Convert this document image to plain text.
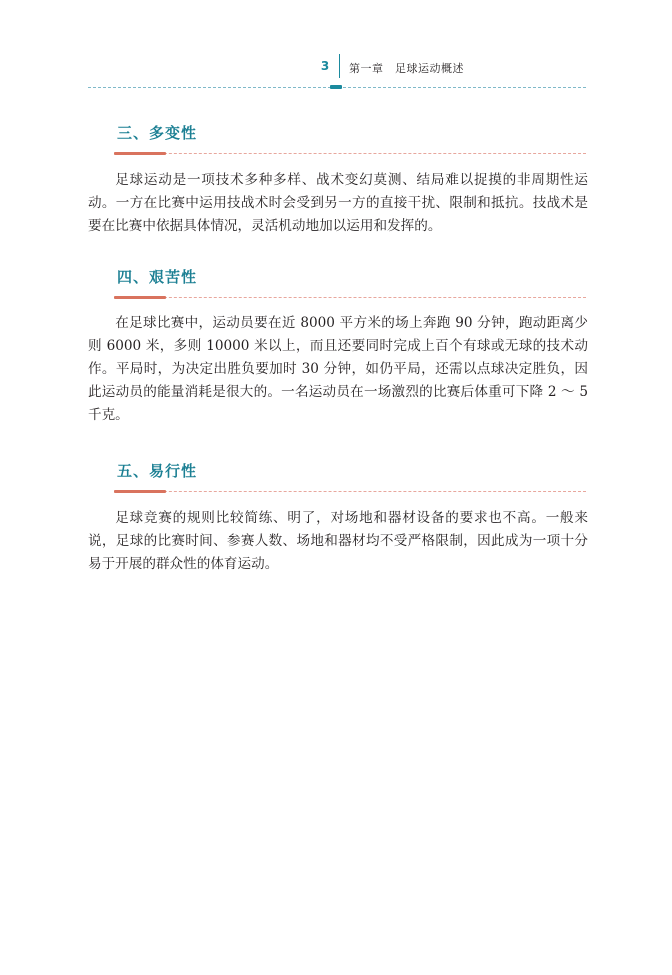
3 第一章　足球运动概述
三、多变性
足球运动是一项技术多种多样、战术变幻莫测、结局难以捉摸的非周期性运动。一方在比赛中运用技战术时会受到另一方的直接干扰、限制和抵抗。技战术是要在比赛中依据具体情况，灵活机动地加以运用和发挥的。
四、艰苦性
在足球比赛中，运动员要在近 8000 平方米的场上奔跑 90 分钟，跑动距离少则 6000 米，多则 10000 米以上，而且还要同时完成上百个有球或无球的技术动作。平局时，为决定出胜负要加时 30 分钟，如仍平局，还需以点球决定胜负，因此运动员的能量消耗是很大的。一名运动员在一场激烈的比赛后体重可下降 2 ～ 5 千克。
五、易行性
足球竞赛的规则比较简练、明了，对场地和器材设备的要求也不高。一般来说，足球的比赛时间、参赛人数、场地和器材均不受严格限制，因此成为一项十分易于开展的群众性的体育运动。
